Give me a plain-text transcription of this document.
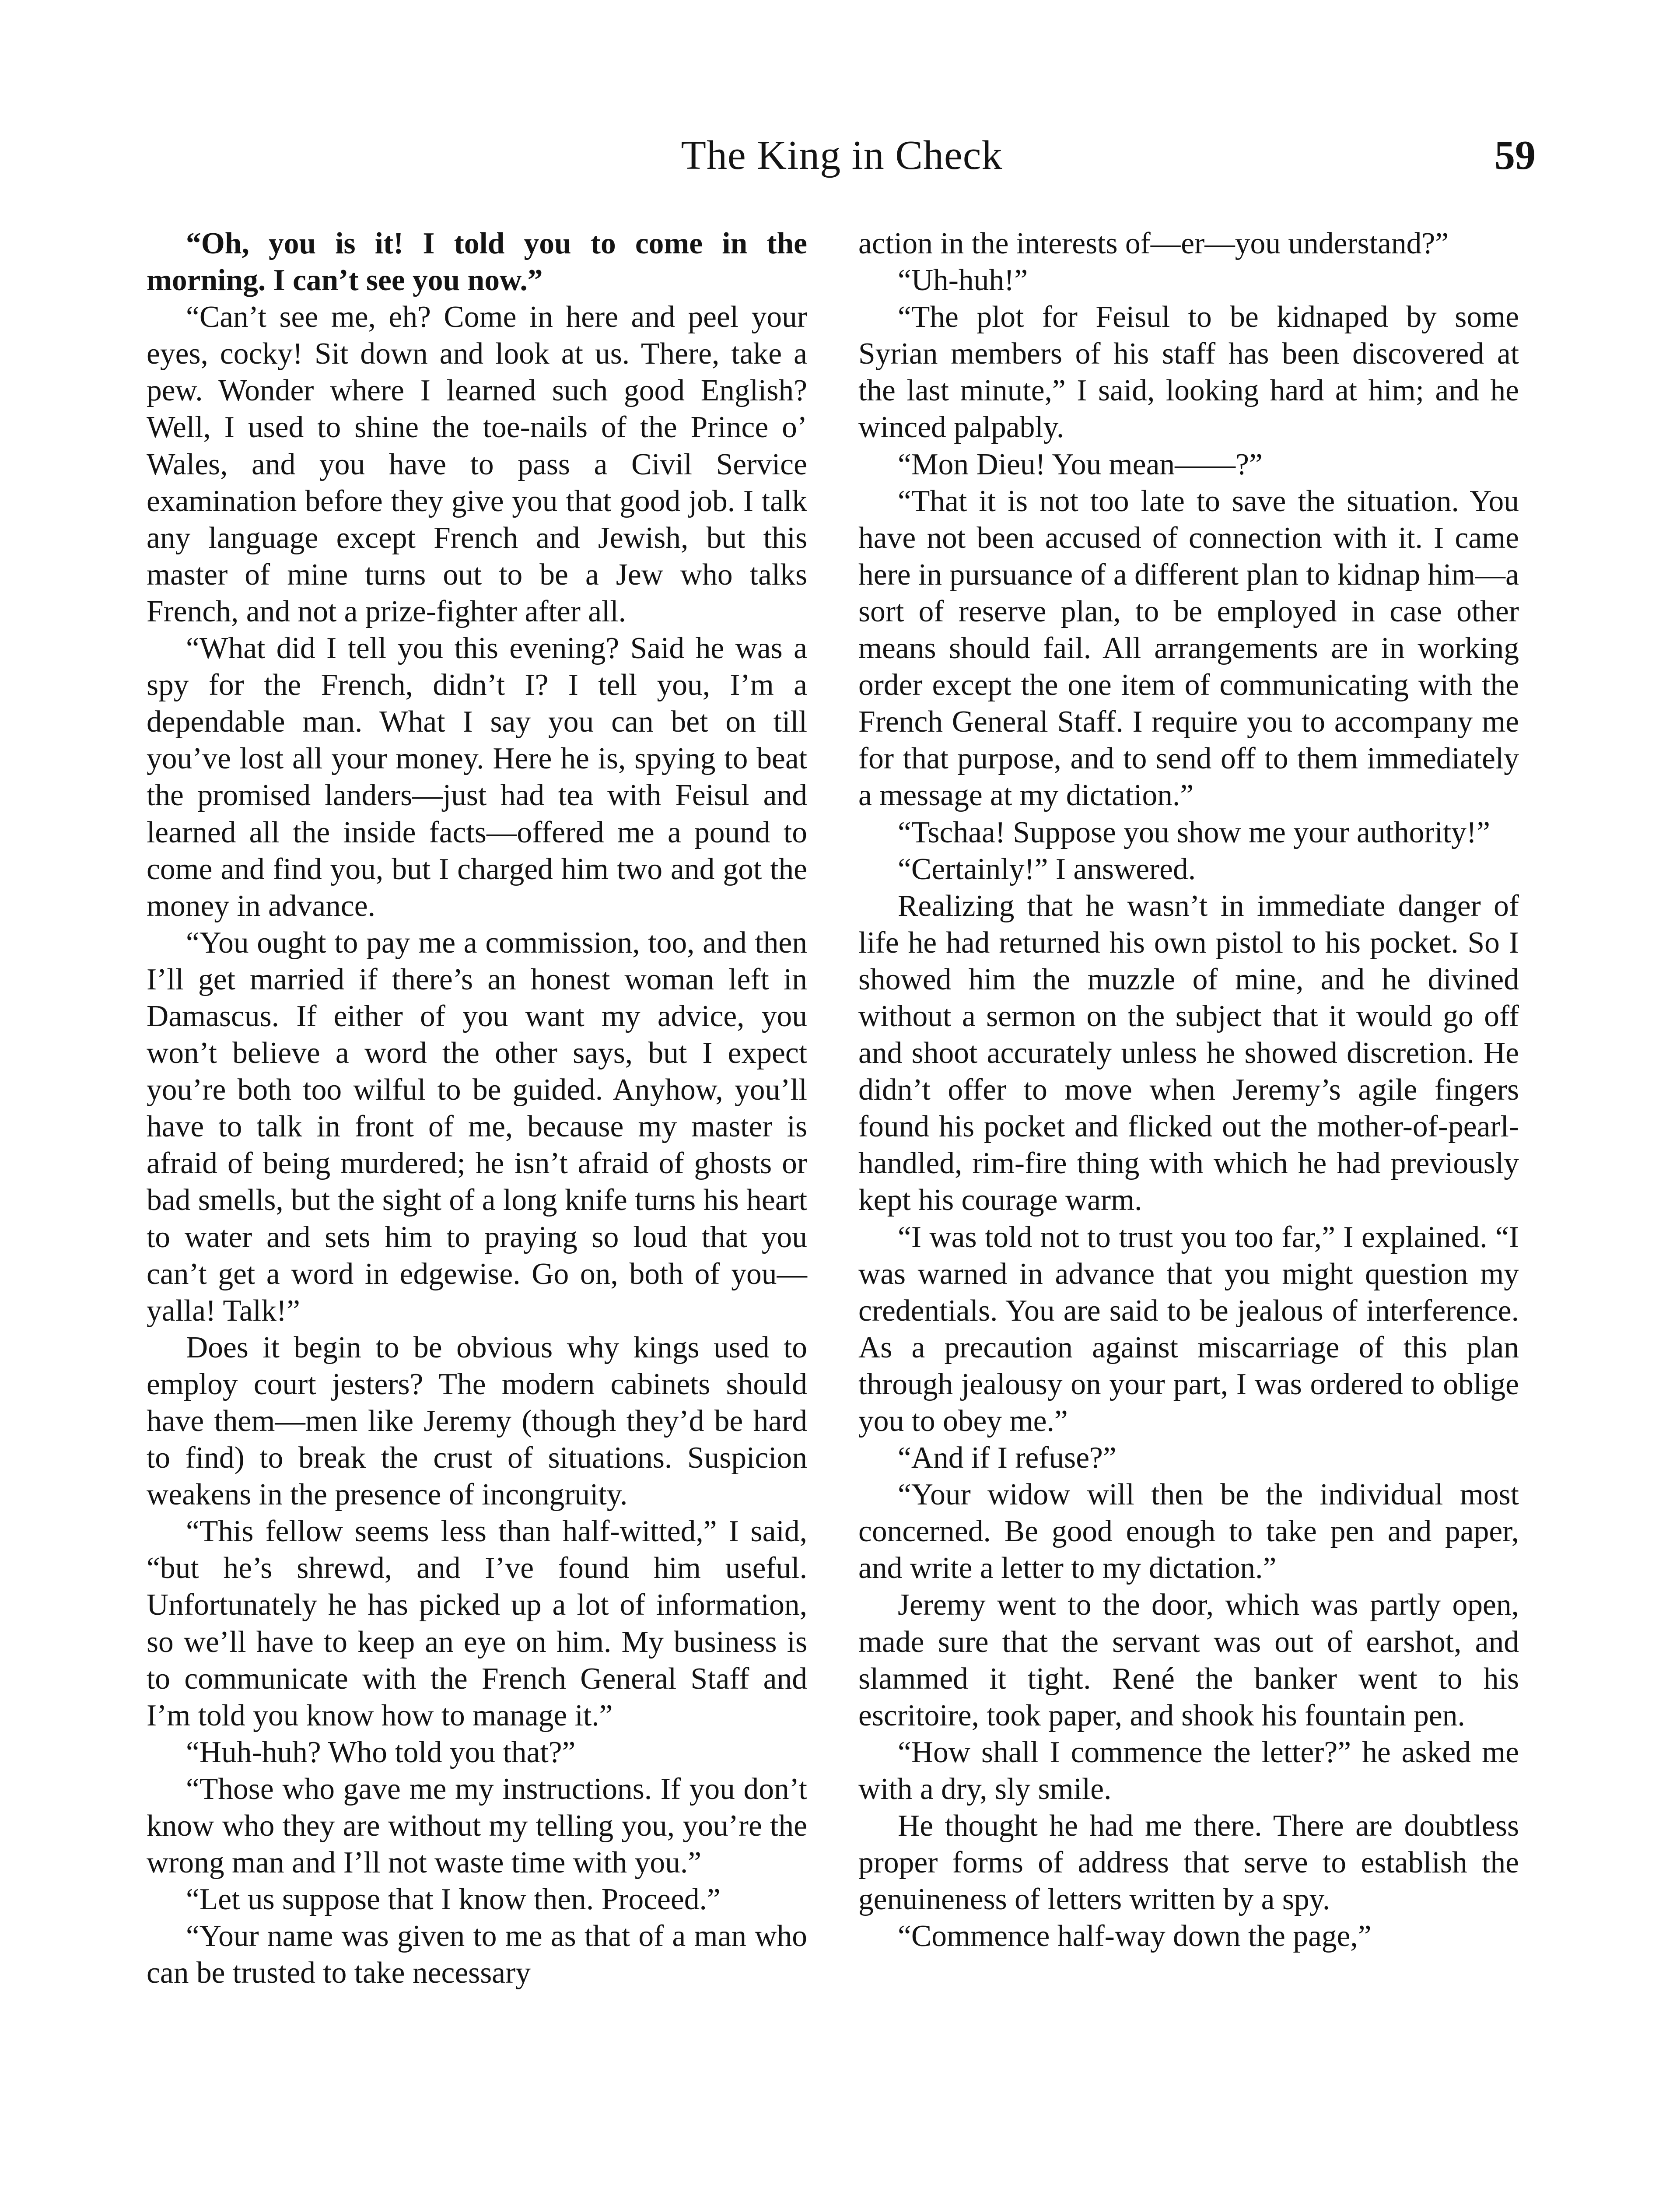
The King in Check	59

“Oh, you is it! I told you to come in the morning. I can’t see you now.”

“Can’t see me, eh? Come in here and peel your eyes, cocky! Sit down and look at us. There, take a pew. Wonder where I learned such good English? Well, I used to shine the toe-nails of the Prince o’ Wales, and you have to pass a Civil Service examination before they give you that good job. I talk any language except French and Jewish, but this master of mine turns out to be a Jew who talks French, and not a prize-fighter after all.

“What did I tell you this evening? Said he was a spy for the French, didn’t I? I tell you, I’m a dependable man. What I say you can bet on till you’ve lost all your money. Here he is, spying to beat the promised landers—just had tea with Feisul and learned all the inside facts—offered me a pound to come and find you, but I charged him two and got the money in advance.

“You ought to pay me a commission, too, and then I’ll get married if there’s an honest woman left in Damascus. If either of you want my advice, you won’t believe a word the other says, but I expect you’re both too wilful to be guided. Anyhow, you’ll have to talk in front of me, because my master is afraid of being murdered; he isn’t afraid of ghosts or bad smells, but the sight of a long knife turns his heart to water and sets him to praying so loud that you can’t get a word in edgewise. Go on, both of you—yalla! Talk!”

Does it begin to be obvious why kings used to employ court jesters? The modern cabinets should have them—men like Jeremy (though they’d be hard to find) to break the crust of situations. Suspicion weakens in the presence of incongruity.

“This fellow seems less than half-witted,” I said, “but he’s shrewd, and I’ve found him useful. Unfortunately he has picked up a lot of information, so we’ll have to keep an eye on him. My business is to communicate with the French General Staff and I’m told you know how to manage it.”

“Huh-huh? Who told you that?”

“Those who gave me my instructions. If you don’t know who they are without my telling you, you’re the wrong man and I’ll not waste time with you.”

“Let us suppose that I know then. Proceed.”

“Your name was given to me as that of a man who can be trusted to take necessary

action in the interests of—er—you understand?”

“Uh-huh!”

“The plot for Feisul to be kidnaped by some Syrian members of his staff has been discovered at the last minute,” I said, looking hard at him; and he winced palpably.

“Mon Dieu! You mean——?”

“That it is not too late to save the situation. You have not been accused of connection with it. I came here in pursuance of a different plan to kidnap him—a sort of reserve plan, to be employed in case other means should fail. All arrangements are in working order except the one item of communicating with the French General Staff. I require you to accompany me for that purpose, and to send off to them immediately a message at my dictation.”

“Tschaa! Suppose you show me your authority!”

“Certainly!” I answered.

Realizing that he wasn’t in immediate danger of life he had returned his own pistol to his pocket. So I showed him the muzzle of mine, and he divined without a sermon on the subject that it would go off and shoot accurately unless he showed discretion. He didn’t offer to move when Jeremy’s agile fingers found his pocket and flicked out the mother-of-pearl-handled, rim-fire thing with which he had previously kept his courage warm.

“I was told not to trust you too far,” I explained. “I was warned in advance that you might question my credentials. You are said to be jealous of interference. As a precaution against miscarriage of this plan through jealousy on your part, I was ordered to oblige you to obey me.”

“And if I refuse?”

“Your widow will then be the individual most concerned. Be good enough to take pen and paper, and write a letter to my dictation.”

Jeremy went to the door, which was partly open, made sure that the servant was out of earshot, and slammed it tight. René the banker went to his escritoire, took paper, and shook his fountain pen.

“How shall I commence the letter?” he asked me with a dry, sly smile.

He thought he had me there. There are doubtless proper forms of address that serve to establish the genuineness of letters written by a spy.

“Commence half-way down the page,”
